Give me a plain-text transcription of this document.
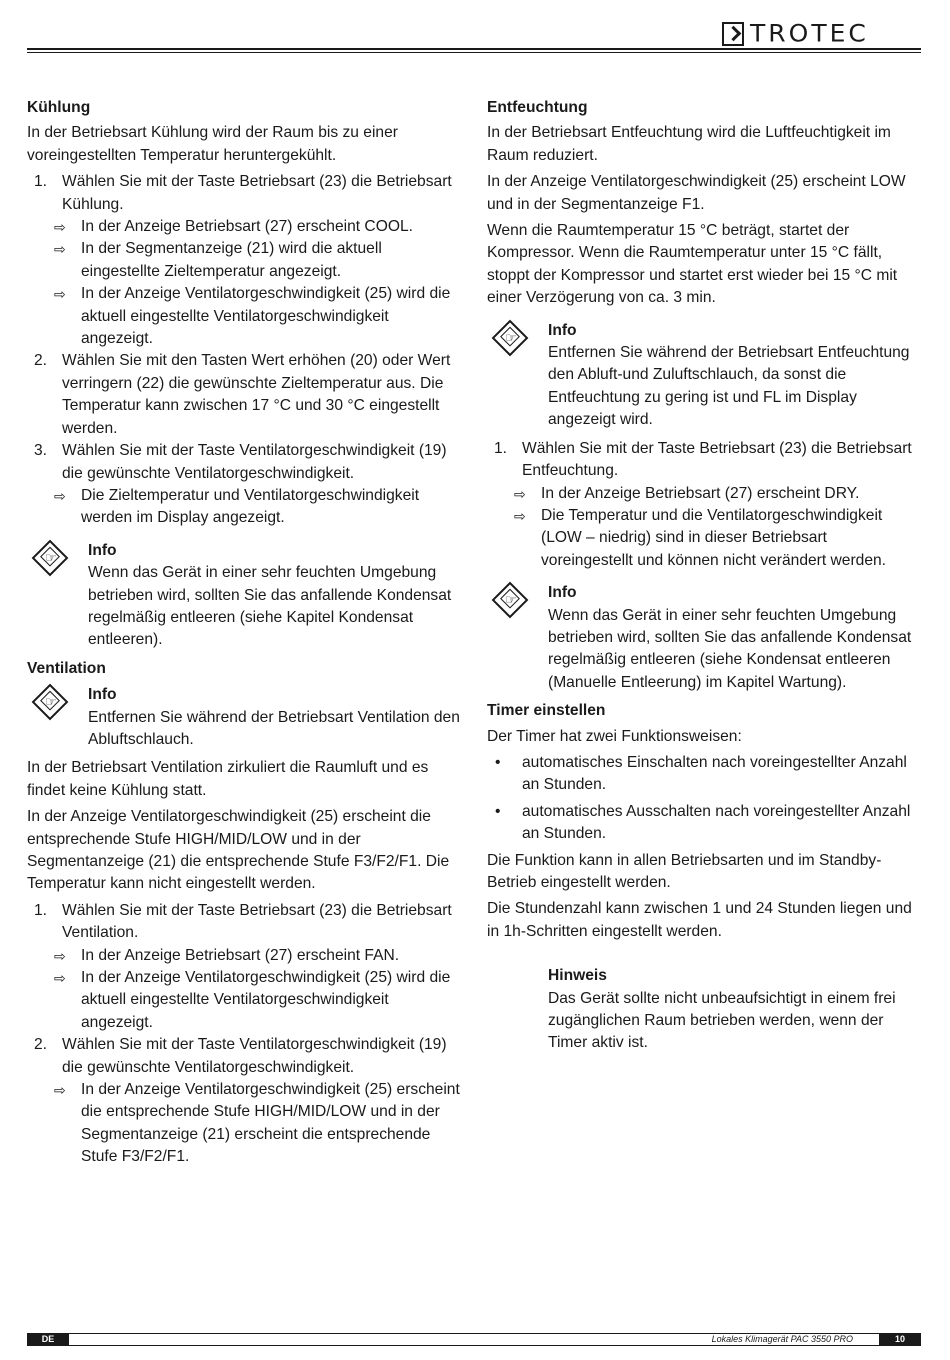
TROTEC
Kühlung

In der Betriebsart Kühlung wird der Raum bis zu einer voreingestellten Temperatur heruntergekühlt.

1. Wählen Sie mit der Taste Betriebsart (23) die Betriebsart Kühlung.
⇨ In der Anzeige Betriebsart (27) erscheint COOL.
⇨ In der Segmentanzeige (21) wird die aktuell eingestellte Zieltemperatur angezeigt.
⇨ In der Anzeige Ventilatorgeschwindigkeit (25) wird die aktuell eingestellte Ventilatorgeschwindigkeit angezeigt.
2. Wählen Sie mit den Tasten Wert erhöhen (20) oder Wert verringern (22) die gewünschte Zieltemperatur aus. Die Temperatur kann zwischen 17 °C und 30 °C eingestellt werden.
3. Wählen Sie mit der Taste Ventilatorgeschwindigkeit (19) die gewünschte Ventilatorgeschwindigkeit.
⇨ Die Zieltemperatur und Ventilatorgeschwindigkeit werden im Display angezeigt.
☞	Info
Wenn das Gerät in einer sehr feuchten Umgebung betrieben wird, sollten Sie das anfallende Kondensat regelmäßig entleeren (siehe Kapitel Kondensat entleeren).
Ventilation
☞	Info
Entfernen Sie während der Betriebsart Ventilation den Abluftschlauch.

In der Betriebsart Ventilation zirkuliert die Raumluft und es findet keine Kühlung statt.

In der Anzeige Ventilatorgeschwindigkeit (25) erscheint die entsprechende Stufe HIGH/MID/LOW und in der Segmentanzeige (21) die entsprechende Stufe F3/F2/F1. Die Temperatur kann nicht eingestellt werden.

1. Wählen Sie mit der Taste Betriebsart (23) die Betriebsart Ventilation.
⇨ In der Anzeige Betriebsart (27) erscheint FAN.
⇨ In der Anzeige Ventilatorgeschwindigkeit (25) wird die aktuell eingestellte Ventilatorgeschwindigkeit angezeigt.
2. Wählen Sie mit der Taste Ventilatorgeschwindigkeit (19) die gewünschte Ventilatorgeschwindigkeit.
⇨ In der Anzeige Ventilatorgeschwindigkeit (25) erscheint die entsprechende Stufe HIGH/MID/LOW und in der Segmentanzeige (21) erscheint die entsprechende Stufe F3/F2/F1.
Entfeuchtung

In der Betriebsart Entfeuchtung wird die Luftfeuchtigkeit im Raum reduziert.

In der Anzeige Ventilatorgeschwindigkeit (25) erscheint LOW und in der Segmentanzeige F1.

Wenn die Raumtemperatur 15 °C beträgt, startet der Kompressor. Wenn die Raumtemperatur unter 15 °C fällt, stoppt der Kompressor und startet erst wieder bei 15 °C mit einer Verzögerung von ca. 3 min.

☞	Info
Entfernen Sie während der Betriebsart Entfeuchtung den Abluft-und Zuluftschlauch, da sonst die Entfeuchtung zu gering ist und FL im Display angezeigt wird.
1. Wählen Sie mit der Taste Betriebsart (23) die Betriebsart Entfeuchtung.
⇨ In der Anzeige Betriebsart (27) erscheint DRY.
⇨ Die Temperatur und die Ventilatorgeschwindigkeit (LOW – niedrig) sind in dieser Betriebsart voreingestellt und können nicht verändert werden.
☞	Info
Wenn das Gerät in einer sehr feuchten Umgebung betrieben wird, sollten Sie das anfallende Kondensat regelmäßig entleeren (siehe Kondensat entleeren (Manuelle Entleerung) im Kapitel Wartung).
Timer einstellen

Der Timer hat zwei Funktionsweisen:

•	automatisches Einschalten nach voreingestellter Anzahl an Stunden.
•	automatisches Ausschalten nach voreingestellter Anzahl an Stunden.

Die Funktion kann in allen Betriebsarten und im Standby-Betrieb eingestellt werden.

Die Stundenzahl kann zwischen 1 und 24 Stunden liegen und in 1h-Schritten eingestellt werden.

Hinweis
Das Gerät sollte nicht unbeaufsichtigt in einem frei zugänglichen Raum betrieben werden, wenn der Timer aktiv ist.
DE	Lokales Klimagerät PAC 3550 PRO	10
